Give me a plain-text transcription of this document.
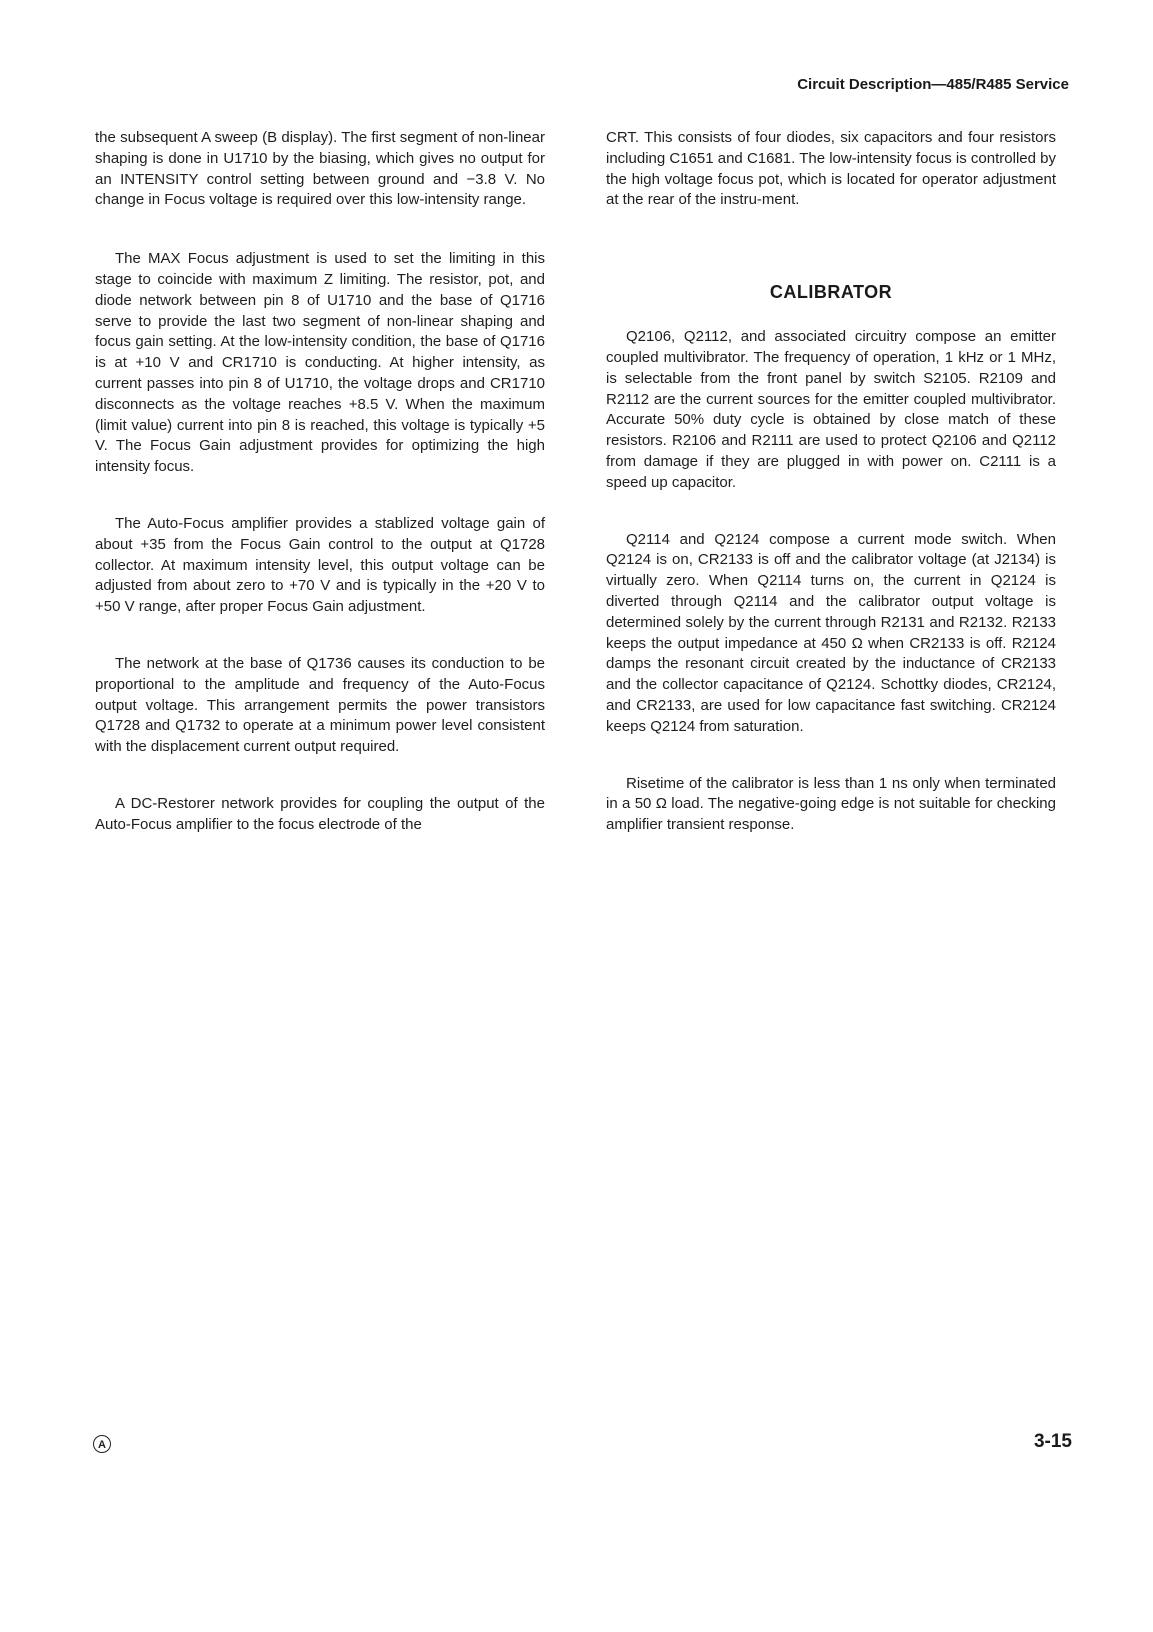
Circuit Description—485/R485 Service

the subsequent A sweep (B display). The first segment of non-linear shaping is done in U1710 by the biasing, which gives no output for an INTENSITY control setting between ground and −3.8 V. No change in Focus voltage is required over this low-intensity range.

The MAX Focus adjustment is used to set the limiting in this stage to coincide with maximum Z limiting. The resistor, pot, and diode network between pin 8 of U1710 and the base of Q1716 serve to provide the last two segment of non-linear shaping and focus gain setting. At the low-intensity condition, the base of Q1716 is at +10 V and CR1710 is conducting. At higher intensity, as current passes into pin 8 of U1710, the voltage drops and CR1710 disconnects as the voltage reaches +8.5 V. When the maximum (limit value) current into pin 8 is reached, this voltage is typically +5 V. The Focus Gain adjustment provides for optimizing the high intensity focus.

The Auto-Focus amplifier provides a stablized voltage gain of about +35 from the Focus Gain control to the output at Q1728 collector. At maximum intensity level, this output voltage can be adjusted from about zero to +70 V and is typically in the +20 V to +50 V range, after proper Focus Gain adjustment.

The network at the base of Q1736 causes its conduction to be proportional to the amplitude and frequency of the Auto-Focus output voltage. This arrangement permits the power transistors Q1728 and Q1732 to operate at a minimum power level consistent with the displacement current output required.

A DC-Restorer network provides for coupling the output of the Auto-Focus amplifier to the focus electrode of the

CRT. This consists of four diodes, six capacitors and four resistors including C1651 and C1681. The low-intensity focus is controlled by the high voltage focus pot, which is located for operator adjustment at the rear of the instru-ment.

CALIBRATOR

Q2106, Q2112, and associated circuitry compose an emitter coupled multivibrator. The frequency of operation, 1 kHz or 1 MHz, is selectable from the front panel by switch S2105. R2109 and R2112 are the current sources for the emitter coupled multivibrator. Accurate 50% duty cycle is obtained by close match of these resistors. R2106 and R2111 are used to protect Q2106 and Q2112 from damage if they are plugged in with power on. C2111 is a speed up capacitor.

Q2114 and Q2124 compose a current mode switch. When Q2124 is on, CR2133 is off and the calibrator voltage (at J2134) is virtually zero. When Q2114 turns on, the current in Q2124 is diverted through Q2114 and the calibrator output voltage is determined solely by the current through R2131 and R2132. R2133 keeps the output impedance at 450 Ω when CR2133 is off. R2124 damps the resonant circuit created by the inductance of CR2133 and the collector capacitance of Q2124. Schottky diodes, CR2124, and CR2133, are used for low capacitance fast switching. CR2124 keeps Q2124 from saturation.

Risetime of the calibrator is less than 1 ns only when terminated in a 50 Ω load. The negative-going edge is not suitable for checking amplifier transient response.

A	3-15
